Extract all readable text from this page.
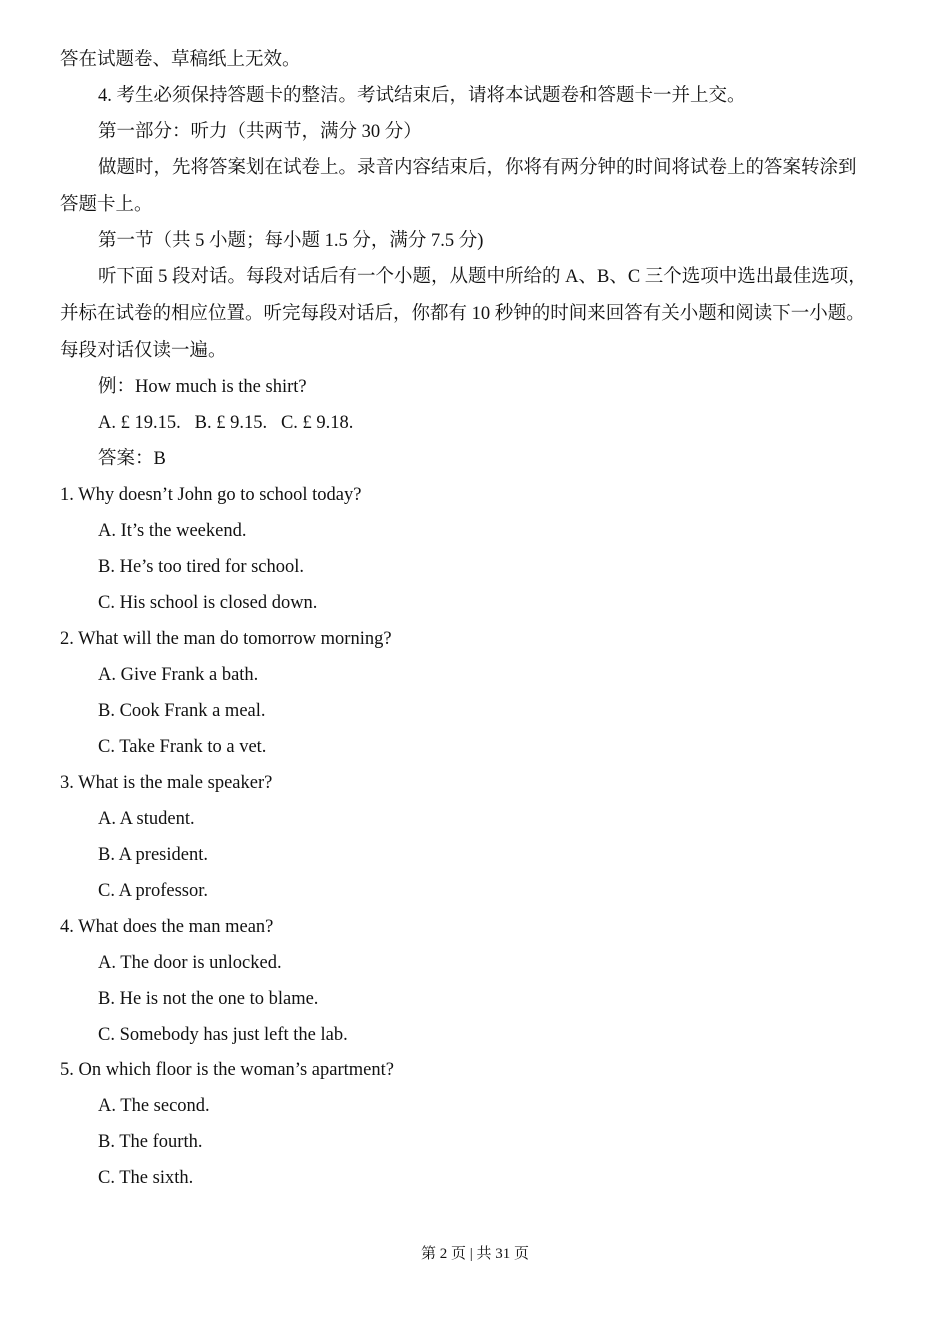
答在试题卷、草稿纸上无效。
4. 考生必须保持答题卡的整洁。考试结束后，请将本试题卷和答题卡一并上交。
第一部分：听力（共两节，满分 30 分）
做题时，先将答案划在试卷上。录音内容结束后，你将有两分钟的时间将试卷上的答案转涂到
答题卡上。
第一节（共 5 小题；每小题 1.5 分，满分 7.5 分)
听下面 5 段对话。每段对话后有一个小题，从题中所给的 A、B、C 三个选项中选出最佳选项，
并标在试卷的相应位置。听完每段对话后，你都有 10 秒钟的时间来回答有关小题和阅读下一小题。
每段对话仅读一遍。
例：How much is the shirt?
A. £ 19.15.   B. £ 9.15.   C. £ 9.18.
答案：B
1. Why doesn’t John go to school today?
A. It’s the weekend.
B. He’s too tired for school.
C. His school is closed down.
2. What will the man do tomorrow morning?
A. Give Frank a bath.
B. Cook Frank a meal.
C. Take Frank to a vet.
3. What is the male speaker?
A. A student.
B. A president.
C. A professor.
4. What does the man mean?
A. The door is unlocked.
B. He is not the one to blame.
C. Somebody has just left the lab.
5. On which floor is the woman’s apartment?
A. The second.
B. The fourth.
C. The sixth.
第 2 页 | 共 31 页
